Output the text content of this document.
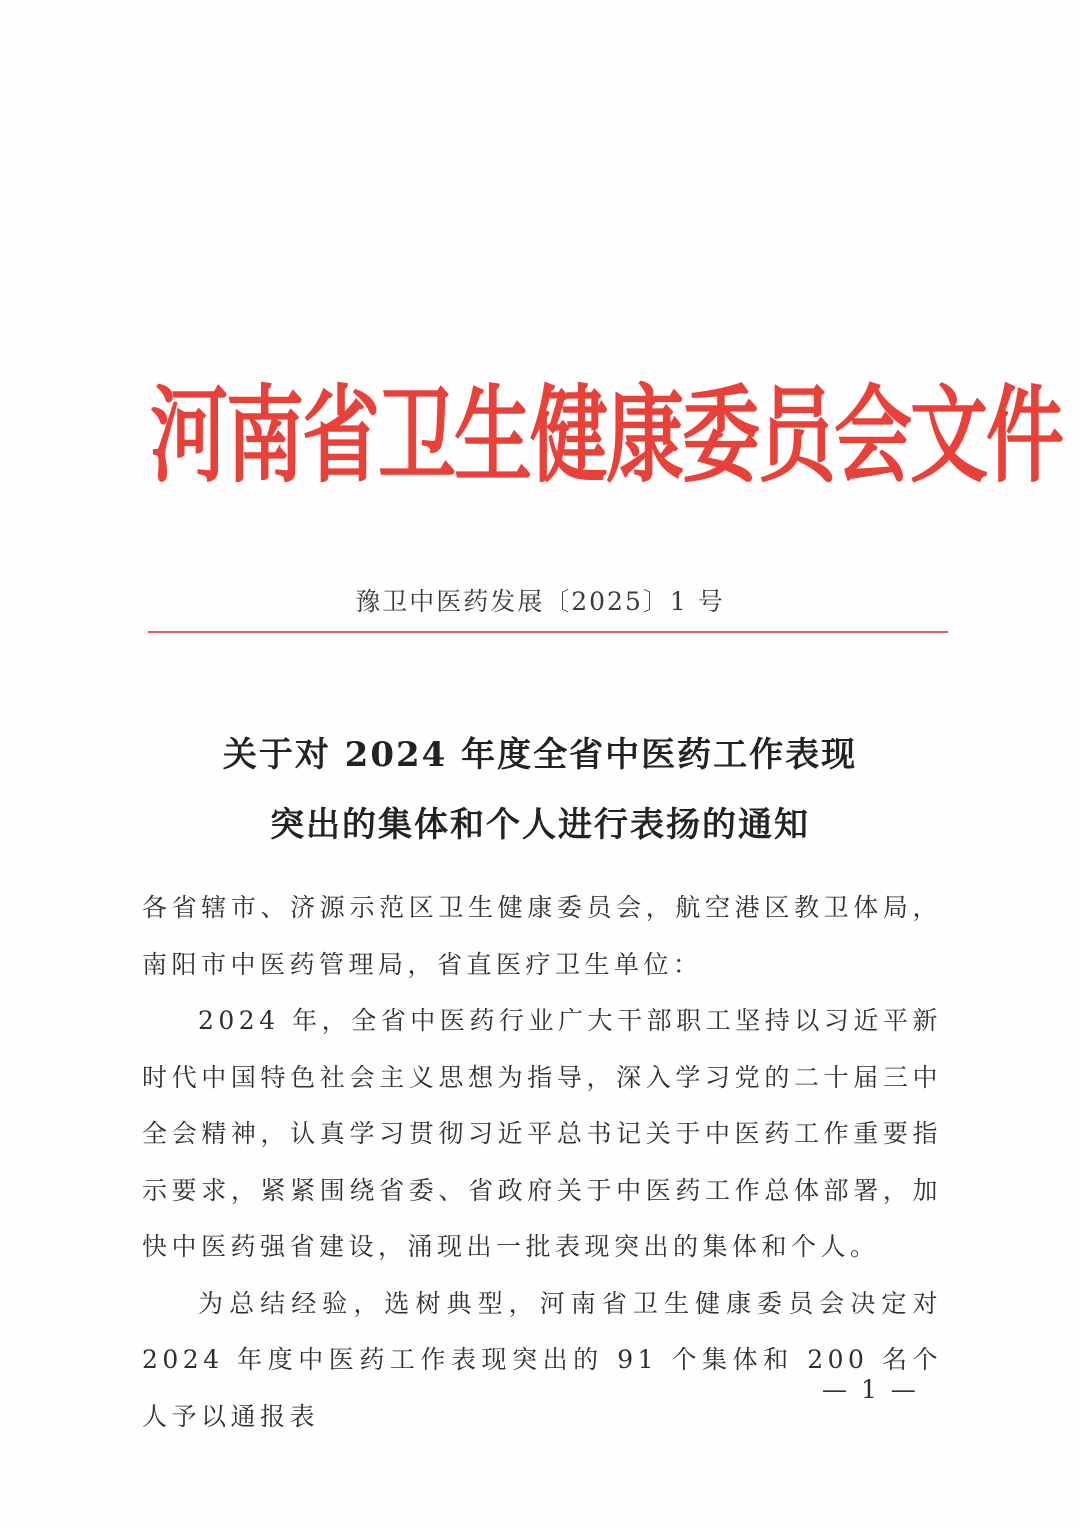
河南省卫生健康委员会文件
豫卫中医药发展〔2025〕1 号
关于对 2024 年度全省中医药工作表现
突出的集体和个人进行表扬的通知

各省辖市、济源示范区卫生健康委员会，航空港区教卫体局，南阳市中医药管理局，省直医疗卫生单位：

2024 年，全省中医药行业广大干部职工坚持以习近平新时代中国特色社会主义思想为指导，深入学习党的二十届三中全会精神，认真学习贯彻习近平总书记关于中医药工作重要指示要求，紧紧围绕省委、省政府关于中医药工作总体部署，加快中医药强省建设，涌现出一批表现突出的集体和个人。

为总结经验，选树典型，河南省卫生健康委员会决定对 2024 年度中医药工作表现突出的 91 个集体和 200 名个人予以通报表

— 1 —
